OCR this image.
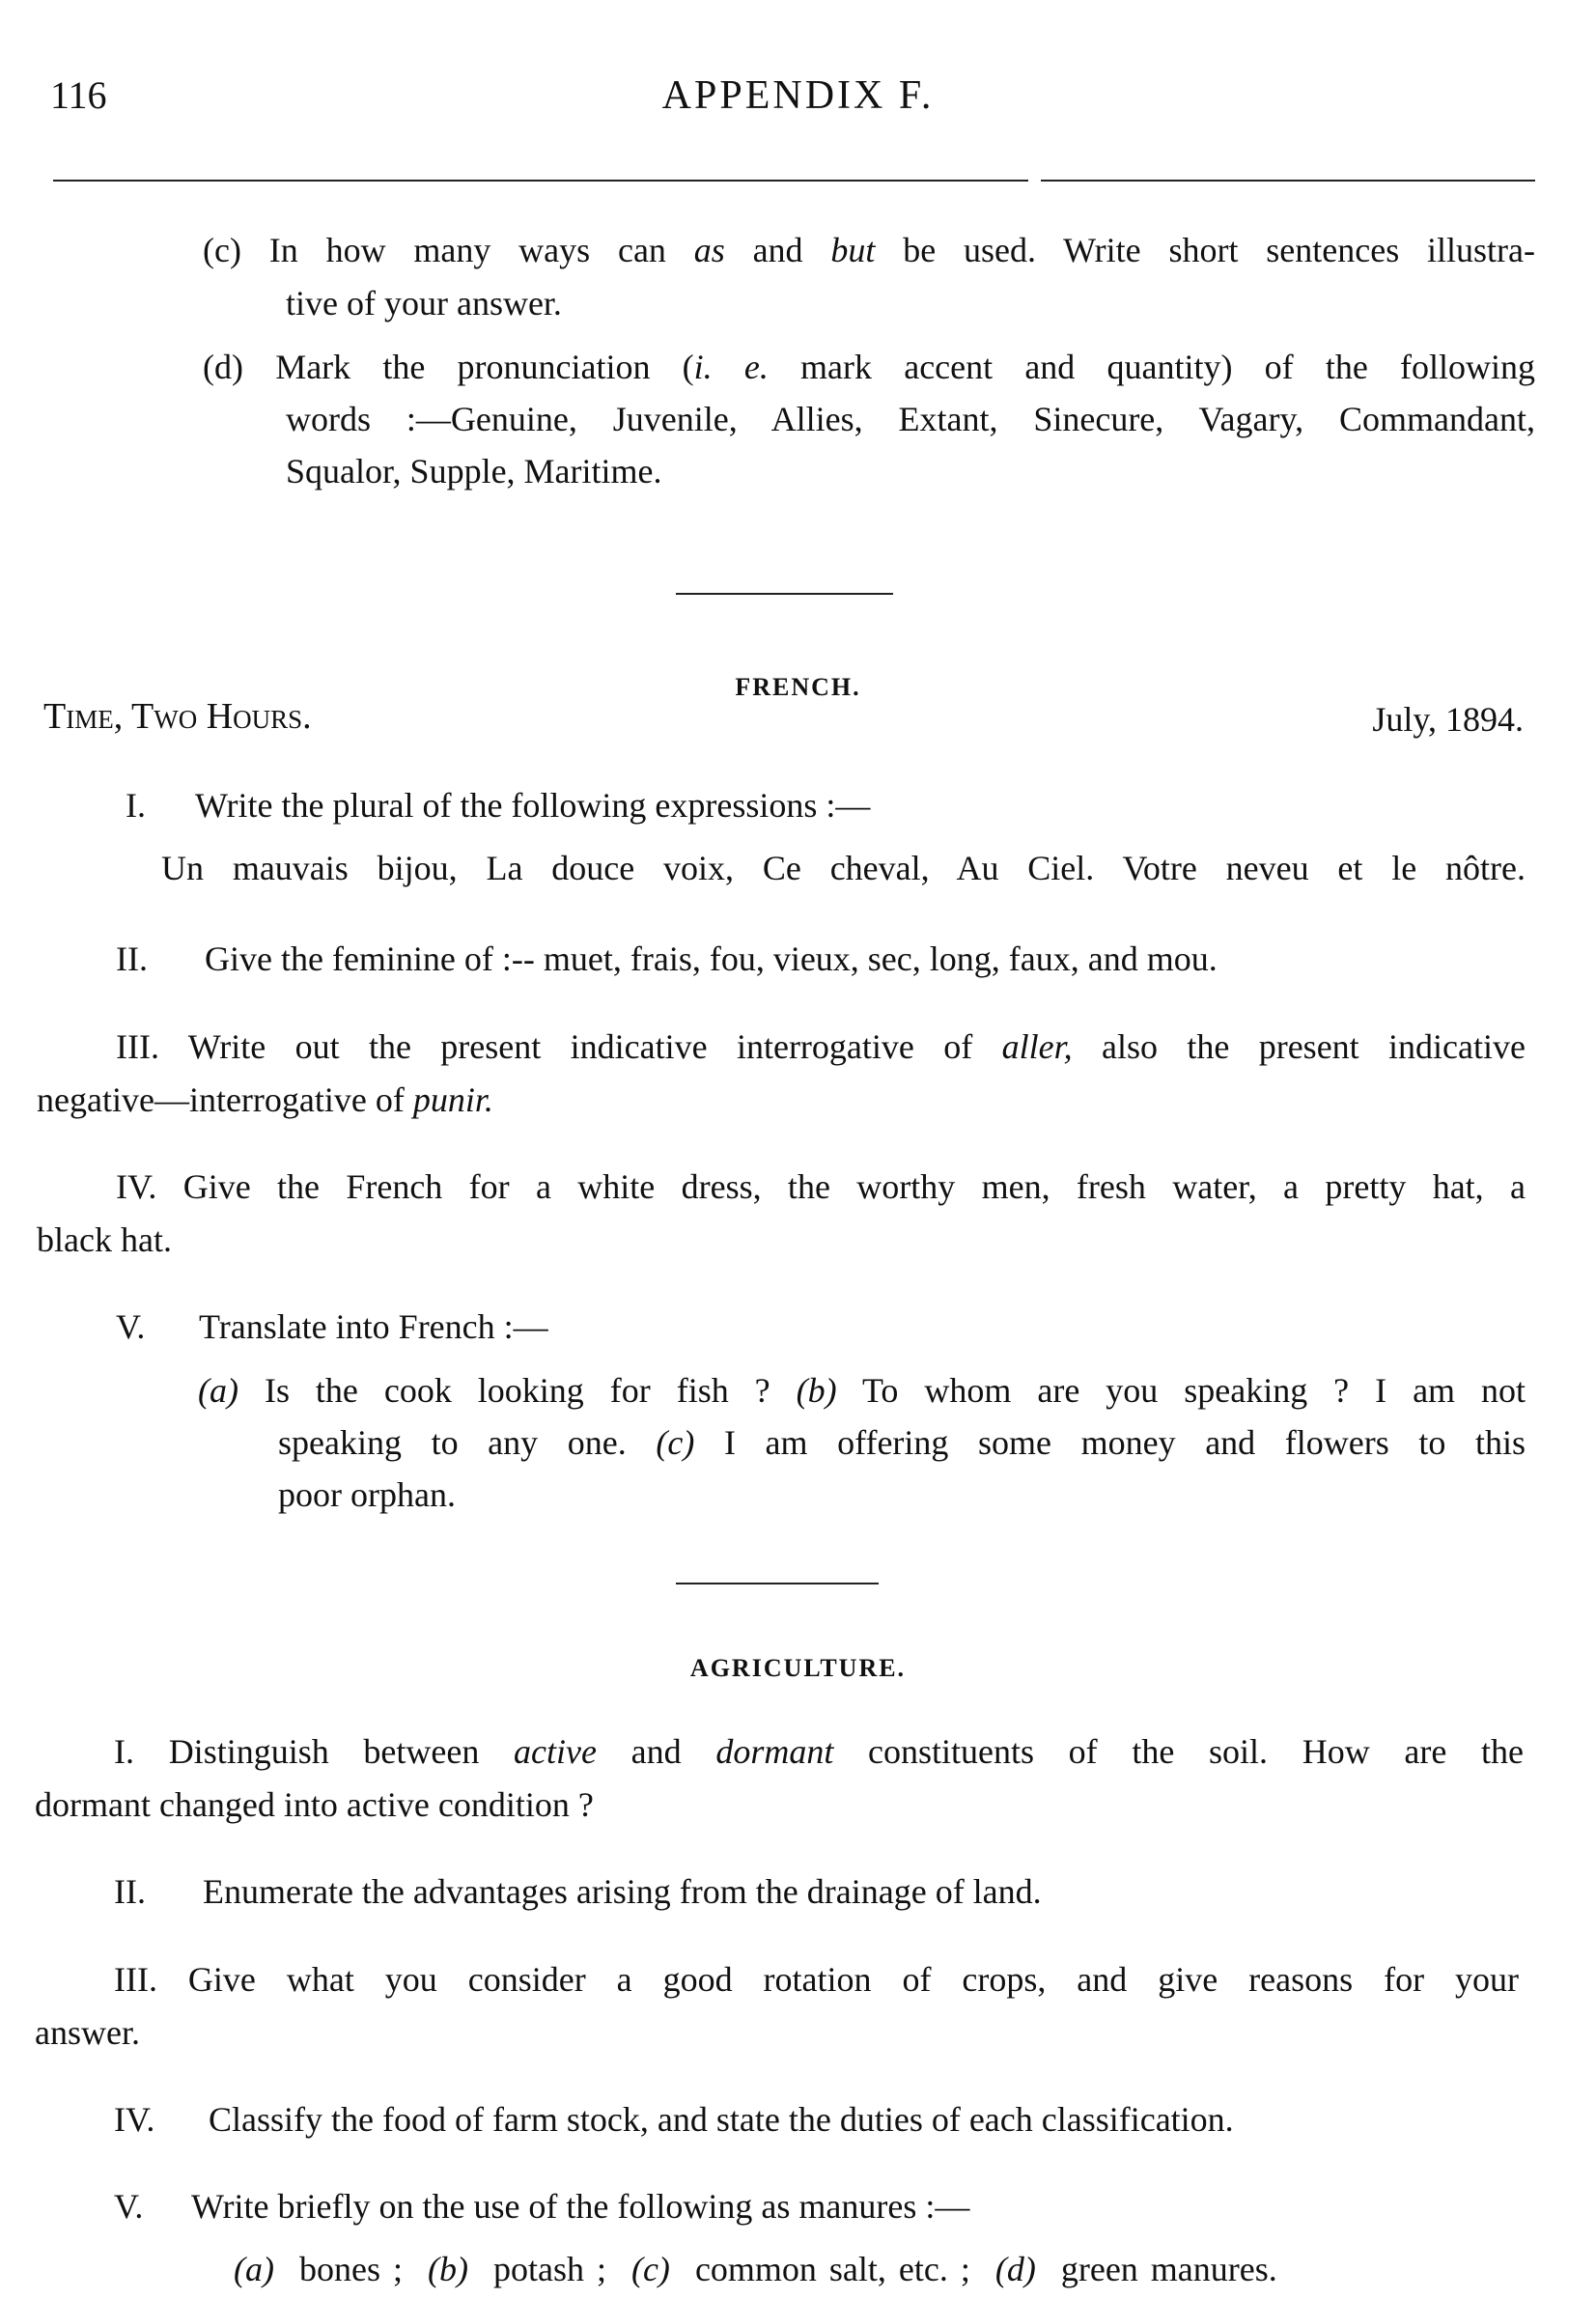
116	APPENDIX F.
(c) In how many ways can as and but be used. Write short sentences illustra-
tive of your answer.
(d) Mark the pronunciation (i. e. mark accent and quantity) of the following
words :—Genuine, Juvenile, Allies, Extant, Sinecure, Vagary, Commandant,
Squalor, Supple, Maritime.
FRENCH.
Time, Two Hours.	July, 1894.
I. Write the plural of the following expressions :—
Un mauvais bijou, La douce voix, Ce cheval, Au Ciel. Votre neveu et le nôtre.
II. Give the feminine of :-- muet, frais, fou, vieux, sec, long, faux, and mou.
III. Write out the present indicative interrogative of aller, also the present indicative
negative—interrogative of punir.
IV. Give the French for a white dress, the worthy men, fresh water, a pretty hat, a
black hat.
V. Translate into French :—
(a) Is the cook looking for fish ? (b) To whom are you speaking ? I am not
speaking to any one. (c) I am offering some money and flowers to this
poor orphan.
AGRICULTURE.
I. Distinguish between active and dormant constituents of the soil. How are the
dormant changed into active condition ?
II. Enumerate the advantages arising from the drainage of land.
III. Give what you consider a good rotation of crops, and give reasons for your
answer.
IV. Classify the food of farm stock, and state the duties of each classification.
V. Write briefly on the use of the following as manures :—
(a) bones ; (b) potash ; (c) common salt, etc. ; (d) green manures.
